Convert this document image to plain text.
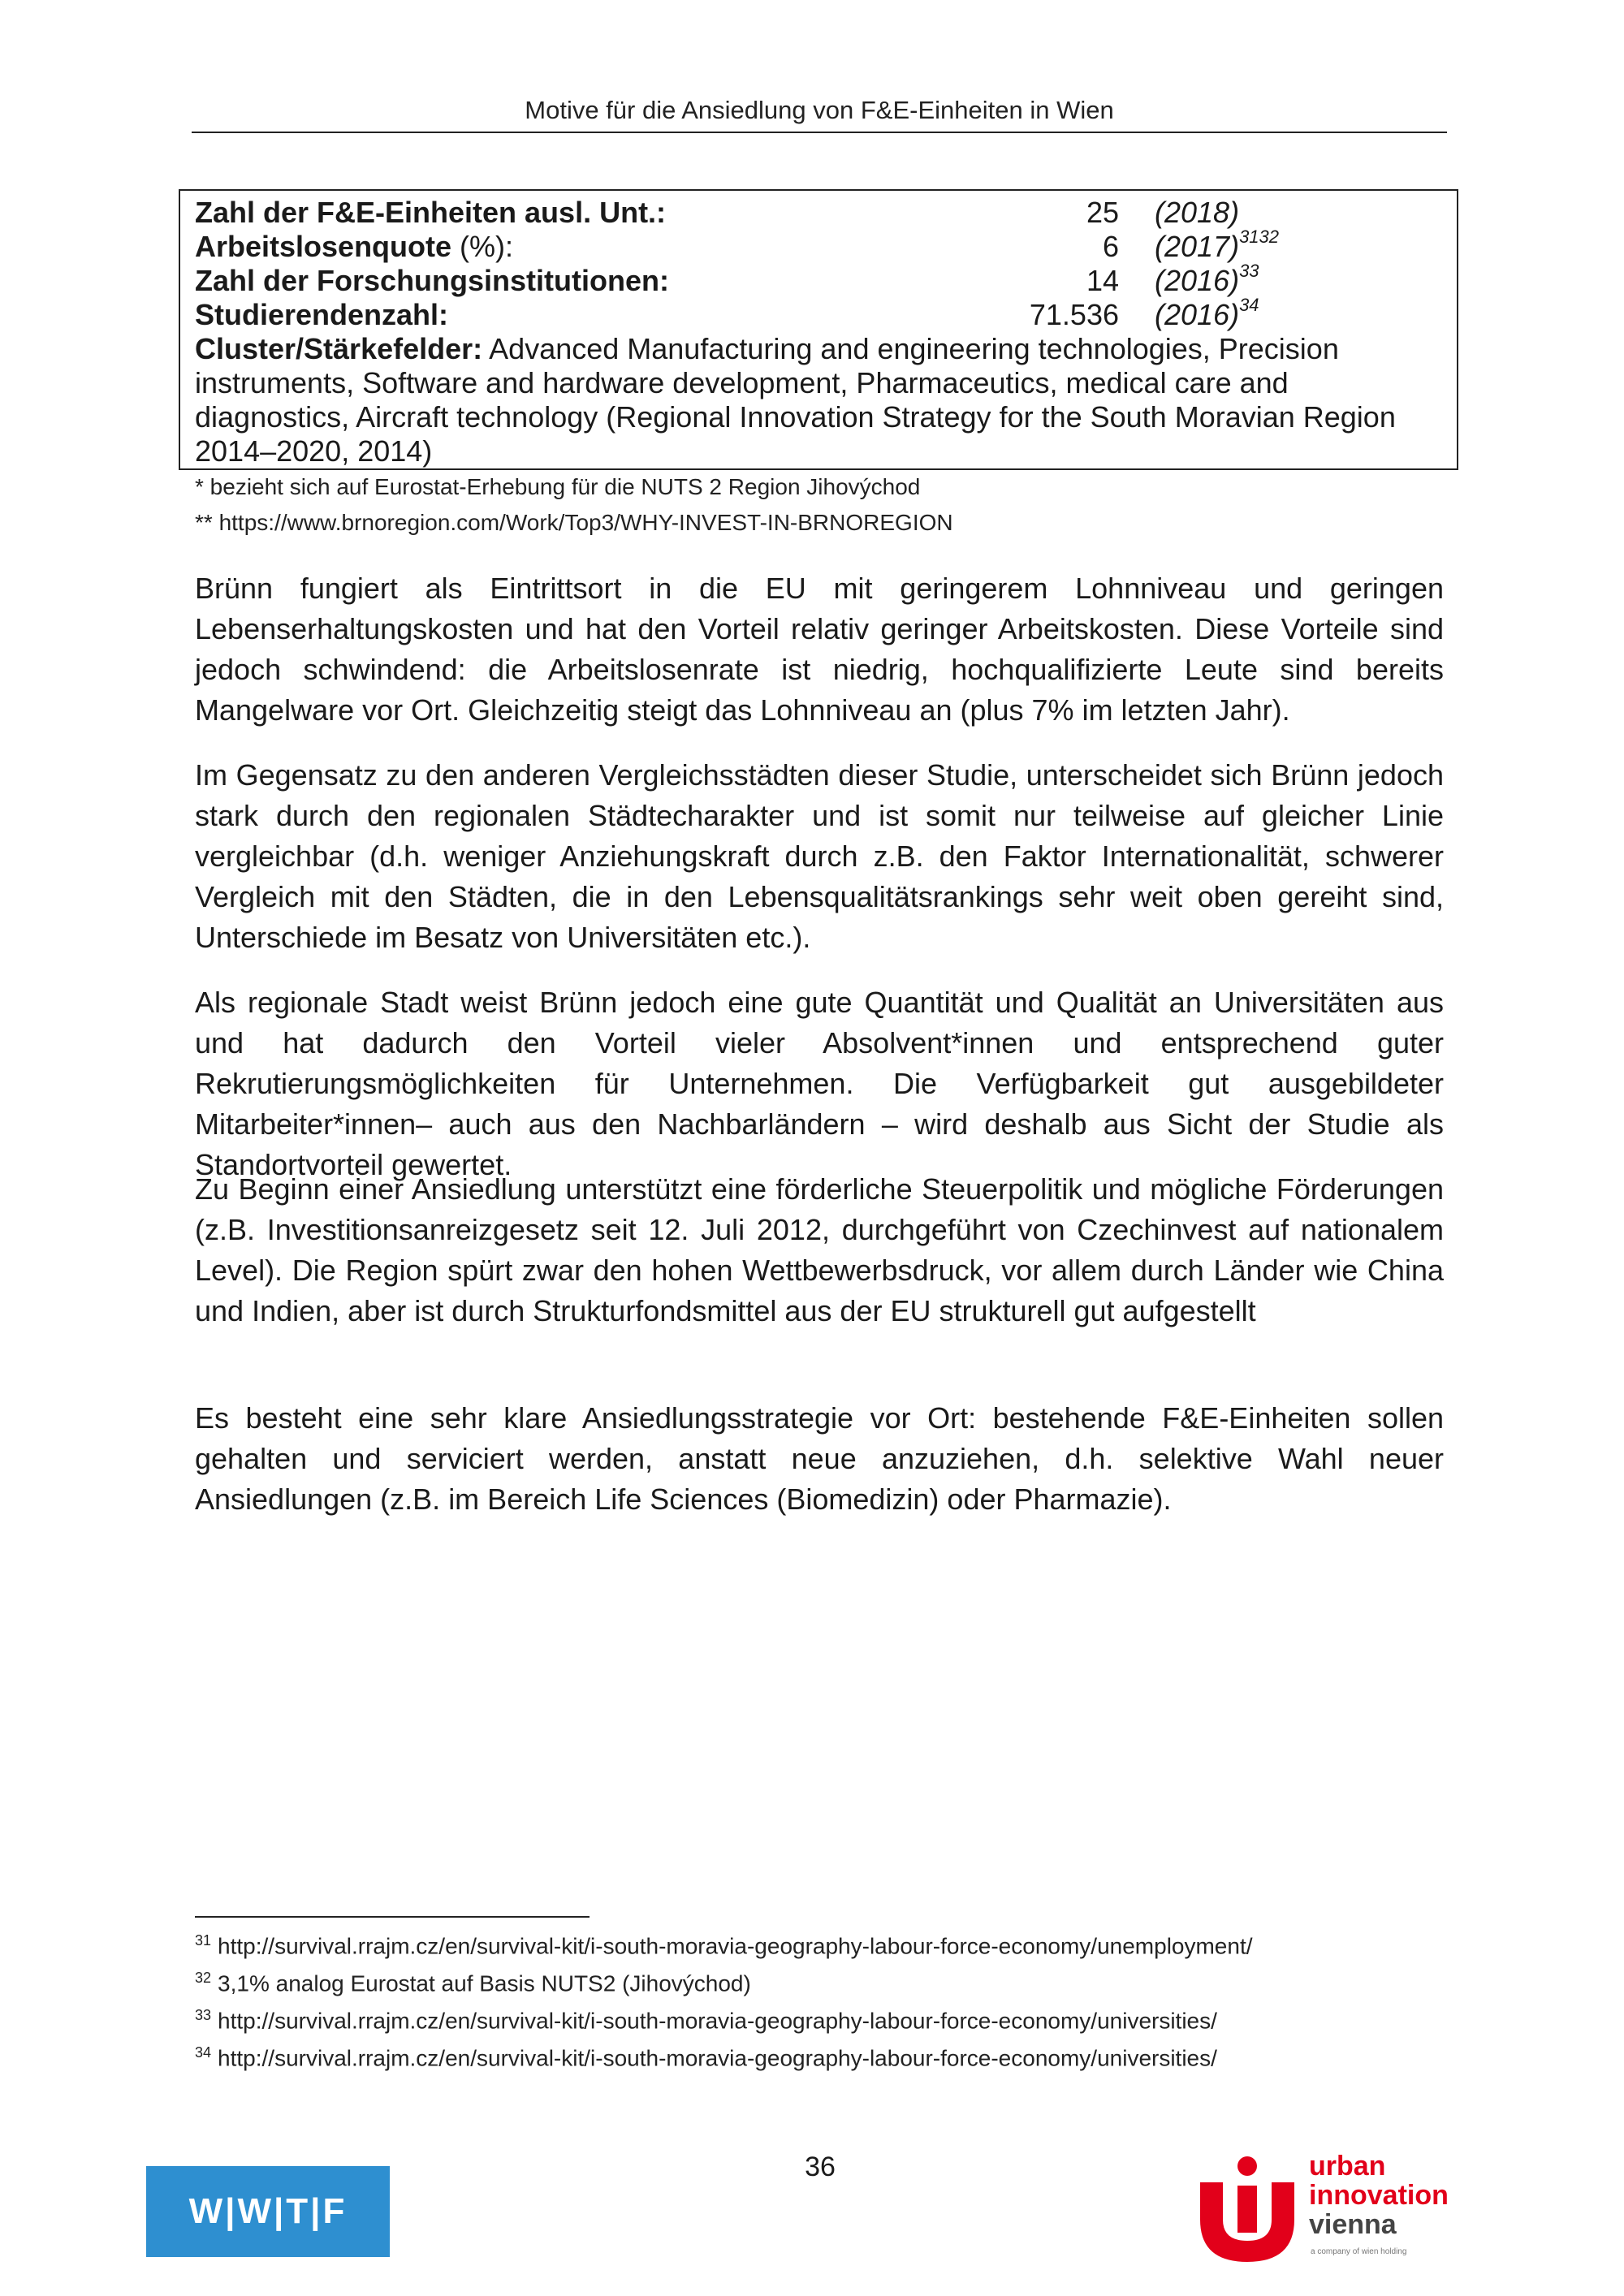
Motive für die Ansiedlung von F&E-Einheiten in Wien
Zahl der F&E-Einheiten ausl. Unt.:	25 (2018)
Arbeitslosenquote (%):	6 $(2017)^{3132}$
Zahl der Forschungsinstitutionen:	14 $(2016)^{33}$
Studierendenzahl:	71.536 $(2016)^{34}$
Cluster/Stärkefelder: Advanced Manufacturing and engineering technologies, Precision instruments, Software and hardware development, Pharmaceutics, medical care and diagnostics, Aircraft technology (Regional Innovation Strategy for the South Moravian Region 2014–2020, 2014)
* bezieht sich auf Eurostat-Erhebung für die NUTS 2 Region Jihovýchod
** https://www.brnoregion.com/Work/Top3/WHY-INVEST-IN-BRNOREGION

Brünn fungiert als Eintrittsort in die EU mit geringerem Lohnniveau und geringen Lebenserhaltungskosten und hat den Vorteil relativ geringer Arbeitskosten. Diese Vorteile sind jedoch schwindend: die Arbeitslosenrate ist niedrig, hochqualifizierte Leute sind bereits Mangelware vor Ort. Gleichzeitig steigt das Lohnniveau an (plus 7% im letzten Jahr).

Im Gegensatz zu den anderen Vergleichsstädten dieser Studie, unterscheidet sich Brünn jedoch stark durch den regionalen Städtecharakter und ist somit nur teilweise auf gleicher Linie vergleichbar (d.h. weniger Anziehungskraft durch z.B. den Faktor Internationalität, schwerer Vergleich mit den Städten, die in den Lebensqualitätsrankings sehr weit oben gereiht sind, Unterschiede im Besatz von Universitäten etc.).

Als regionale Stadt weist Brünn jedoch eine gute Quantität und Qualität an Universitäten aus und hat dadurch den Vorteil vieler Absolvent*innen und entsprechend guter Rekrutierungsmöglichkeiten für Unternehmen. Die Verfügbarkeit gut ausgebildeter Mitarbeiter*innen– auch aus den Nachbarländern – wird deshalb aus Sicht der Studie als Standortvorteil gewertet.

Zu Beginn einer Ansiedlung unterstützt eine förderliche Steuerpolitik und mögliche Förderungen (z.B. Investitionsanreizgesetz seit 12. Juli 2012, durchgeführt von Czechinvest auf nationalem Level). Die Region spürt zwar den hohen Wettbewerbsdruck, vor allem durch Länder wie China und Indien, aber ist durch Strukturfondsmittel aus der EU strukturell gut aufgestellt

Es besteht eine sehr klare Ansiedlungsstrategie vor Ort: bestehende F&E-Einheiten sollen gehalten und serviciert werden, anstatt neue anzuziehen, d.h. selektive Wahl neuer Ansiedlungen (z.B. im Bereich Life Sciences (Biomedizin) oder Pharmazie).

$^{31}$ http://survival.rrajm.cz/en/survival-kit/i-south-moravia-geography-labour-force-economy/unemployment/
$^{32}$ 3,1% analog Eurostat auf Basis NUTS2 (Jihovýchod)
$^{33}$ http://survival.rrajm.cz/en/survival-kit/i-south-moravia-geography-labour-force-economy/universities/
$^{34}$ http://survival.rrajm.cz/en/survival-kit/i-south-moravia-geography-labour-force-economy/universities/
36
W|W|T|F
urban
innovation
vienna
a company of wien holding
